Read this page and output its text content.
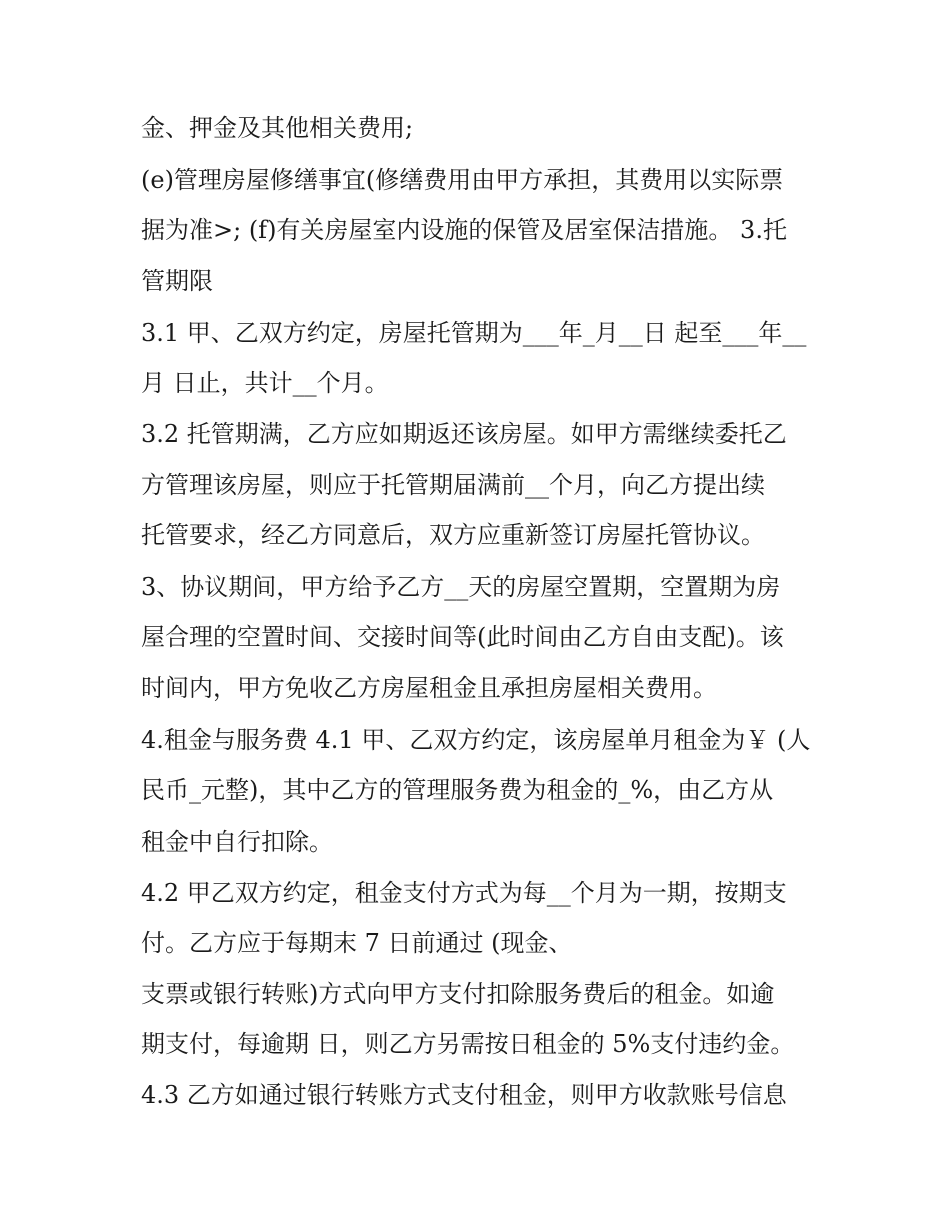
金、押金及其他相关费用;

(e)管理房屋修缮事宜(修缮费用由甲方承担，其费用以实际票

据为准>; (f)有关房屋室内设施的保管及居室保洁措施。 3.托

管期限

3.1 甲、乙双方约定，房屋托管期为___年_月__日 起至___年__

月 日止，共计__个月。

3.2 托管期满，乙方应如期返还该房屋。如甲方需继续委托乙

方管理该房屋，则应于托管期届满前__个月，向乙方提出续

托管要求，经乙方同意后，双方应重新签订房屋托管协议。

3、协议期间，甲方给予乙方__天的房屋空置期，空置期为房

屋合理的空置时间、交接时间等(此时间由乙方自由支配)。该

时间内，甲方免收乙方房屋租金且承担房屋相关费用。

4.租金与服务费 4.1 甲、乙双方约定，该房屋单月租金为￥ (人

民币_元整)，其中乙方的管理服务费为租金的_%，由乙方从

租金中自行扣除。

4.2 甲乙双方约定，租金支付方式为每__个月为一期，按期支

付。乙方应于每期末 7 日前通过 (现金、

支票或银行转账)方式向甲方支付扣除服务费后的租金。如逾

期支付，每逾期 日，则乙方另需按日租金的 5%支付违约金。

4.3 乙方如通过银行转账方式支付租金，则甲方收款账号信息
